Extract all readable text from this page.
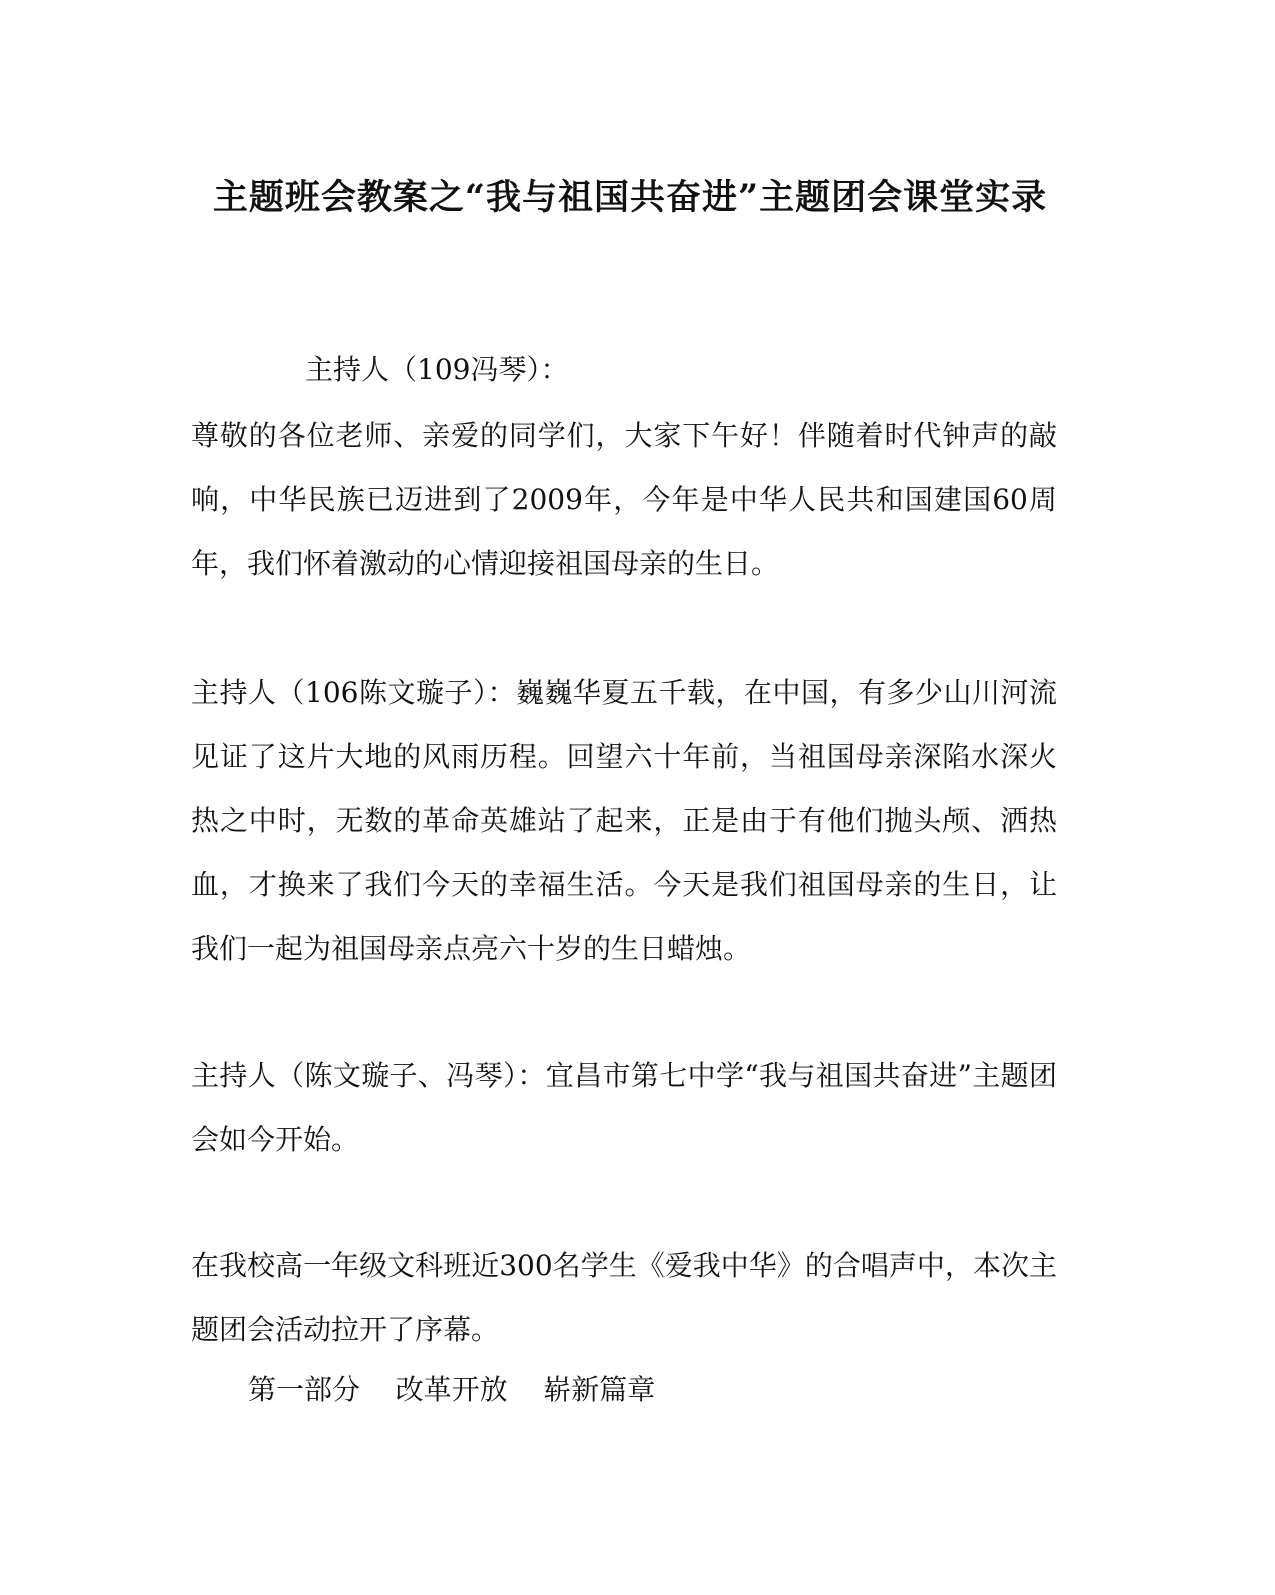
主题班会教案之“我与祖国共奋进”主题团会课堂实录

主持人（109冯琴）：

尊敬的各位老师、亲爱的同学们，大家下午好！伴随着时代钟声的敲响，中华民族已迈进到了2009年，今年是中华人民共和国建国60周年，我们怀着激动的心情迎接祖国母亲的生日。

主持人（106陈文璇子）：巍巍华夏五千载，在中国，有多少山川河流见证了这片大地的风雨历程。回望六十年前，当祖国母亲深陷水深火热之中时，无数的革命英雄站了起来，正是由于有他们抛头颅、洒热血，才换来了我们今天的幸福生活。今天是我们祖国母亲的生日，让我们一起为祖国母亲点亮六十岁的生日蜡烛。

主持人（陈文璇子、冯琴）：宜昌市第七中学“我与祖国共奋进”主题团会如今开始。

在我校高一年级文科班近300名学生《爱我中华》的合唱声中，本次主题团会活动拉开了序幕。

第一部分    改革开放    崭新篇章
